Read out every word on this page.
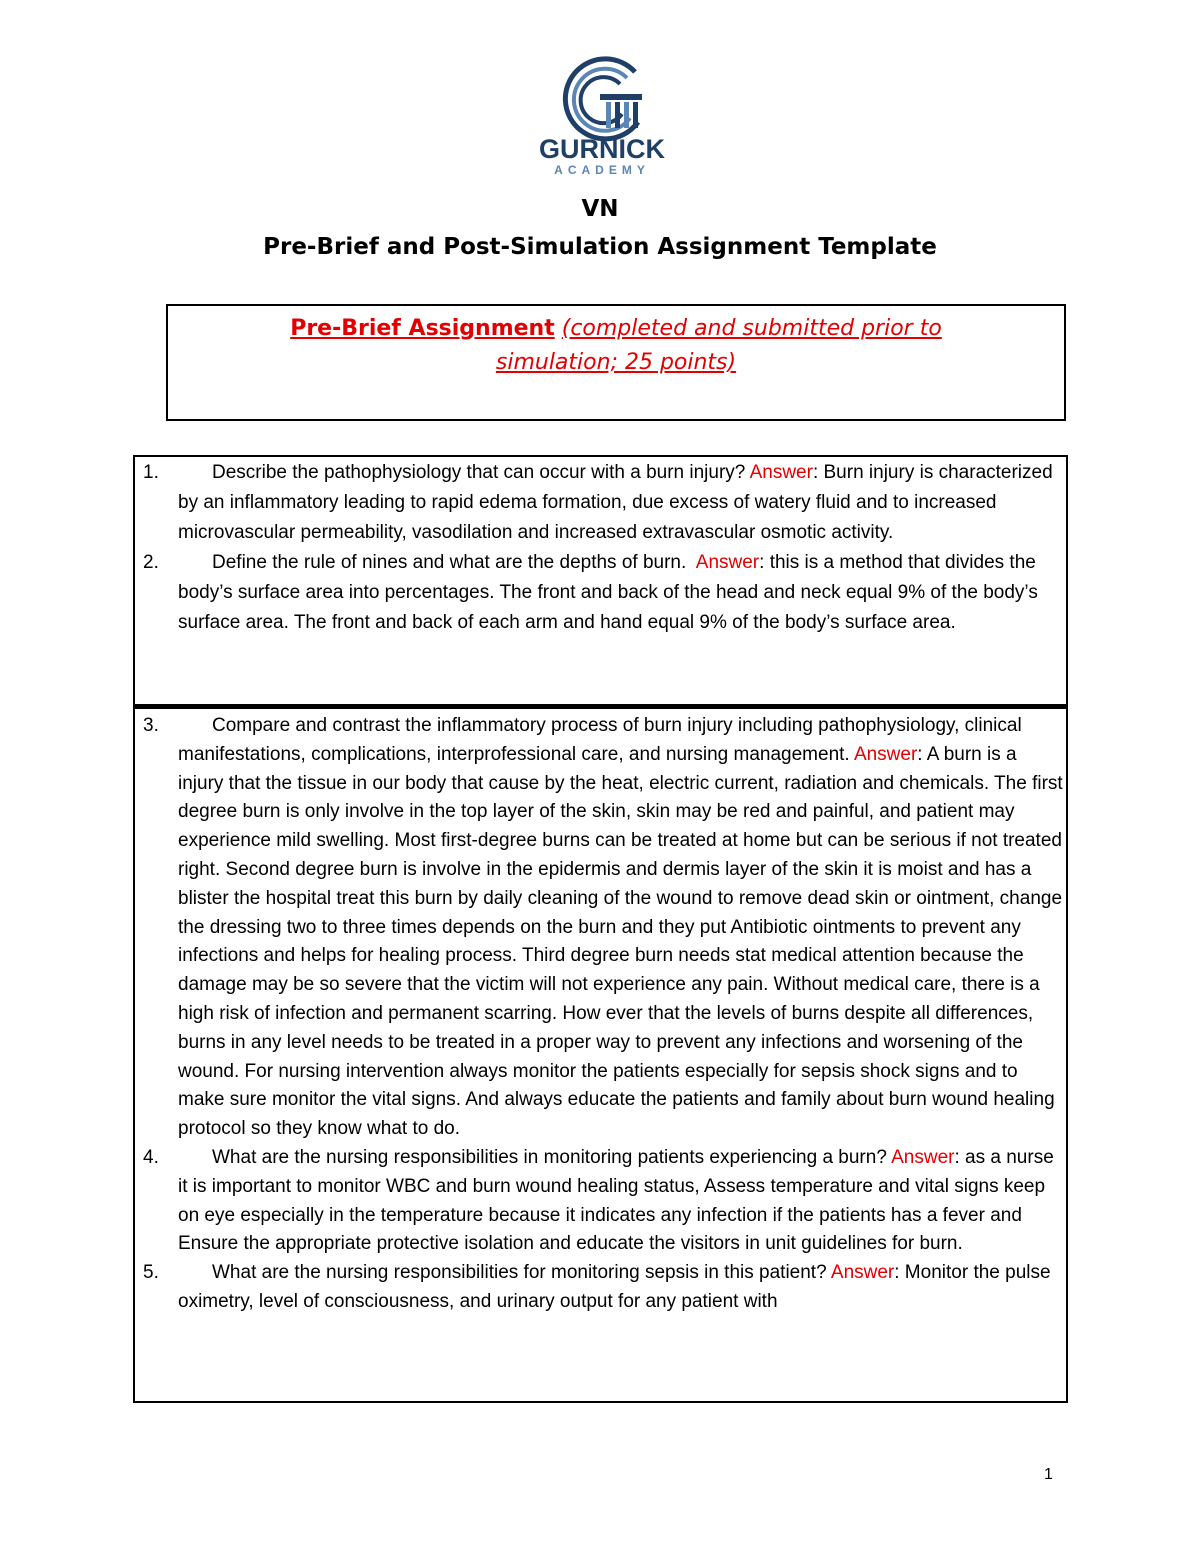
GURNICK
ACADEMY
VN
Pre-Brief and Post-Simulation Assignment Template
Pre-Brief Assignment (completed and submitted prior to
simulation; 25 points)

1.	Describe the pathophysiology that can occur with a burn injury? Answer: Burn injury is characterized by an inflammatory leading to rapid edema formation, due excess of watery fluid and to increased microvascular permeability, vasodilation and increased extravascular osmotic activity.

2.	Define the rule of nines and what are the depths of burn. Answer: this is a method that divides the body’s surface area into percentages. The front and back of the head and neck equal 9% of the body’s surface area. The front and back of each arm and hand equal 9% of the body’s surface area.

3.	Compare and contrast the inflammatory process of burn injury including pathophysiology, clinical manifestations, complications, interprofessional care, and nursing management. Answer: A burn is a injury that the tissue in our body that cause by the heat, electric current, radiation and chemicals. The first degree burn is only involve in the top layer of the skin, skin may be red and painful, and patient may experience mild swelling. Most first-degree burns can be treated at home but can be serious if not treated right. Second degree burn is involve in the epidermis and dermis layer of the skin it is moist and has a blister the hospital treat this burn by daily cleaning of the wound to remove dead skin or ointment, change the dressing two to three times depends on the burn and they put Antibiotic ointments to prevent any infections and helps for healing process. Third degree burn needs stat medical attention because the damage may be so severe that the victim will not experience any pain. Without medical care, there is a high risk of infection and permanent scarring. How ever that the levels of burns despite all differences, burns in any level needs to be treated in a proper way to prevent any infections and worsening of the wound. For nursing intervention always monitor the patients especially for sepsis shock signs and to make sure monitor the vital signs. And always educate the patients and family about burn wound healing protocol so they know what to do.

4.	What are the nursing responsibilities in monitoring patients experiencing a burn? Answer: as a nurse it is important to monitor WBC and burn wound healing status, Assess temperature and vital signs keep on eye especially in the temperature because it indicates any infection if the patients has a fever and Ensure the appropriate protective isolation and educate the visitors in unit guidelines for burn.

5.	What are the nursing responsibilities for monitoring sepsis in this patient? Answer: Monitor the pulse oximetry, level of consciousness, and urinary output for any patient with

1
